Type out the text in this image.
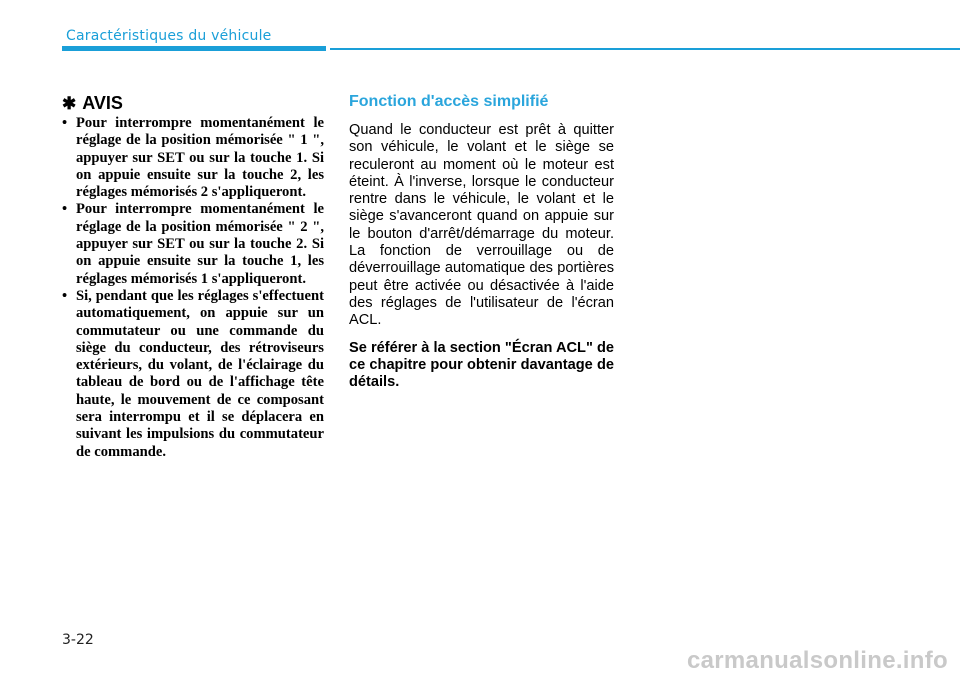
Caractéristiques du véhicule
✱ AVIS
• Pour interrompre momentanément le réglage de la position mémorisée " 1 ", appuyer sur SET ou sur la touche 1. Si on appuie ensuite sur la touche 2, les réglages mémorisés 2 s'appliqueront.
• Pour interrompre momentanément le réglage de la position mémorisée " 2 ", appuyer sur SET ou sur la touche 2. Si on appuie ensuite sur la touche 1, les réglages mémorisés 1 s'appliqueront.
• Si, pendant que les réglages s'effectuent automatiquement, on appuie sur un commutateur ou une commande du siège du conducteur, des rétroviseurs extérieurs, du volant, de l'éclairage du tableau de bord ou de l'affichage tête haute, le mouvement de ce composant sera interrompu et il se déplacera en suivant les impulsions du commutateur de commande.
Fonction d'accès simplifié

Quand le conducteur est prêt à quitter son véhicule, le volant et le siège se reculeront au moment où le moteur est éteint. À l'inverse, lorsque le conducteur rentre dans le véhicule, le volant et le siège s'avanceront quand on appuie sur le bouton d'arrêt/démarrage du moteur. La fonction de verrouillage ou de déverrouillage automatique des portières peut être activée ou désactivée à l'aide des réglages de l'utilisateur de l'écran ACL.

Se référer à la section "Écran ACL" de ce chapitre pour obtenir davantage de détails.

3-22
carmanualsonline.info
